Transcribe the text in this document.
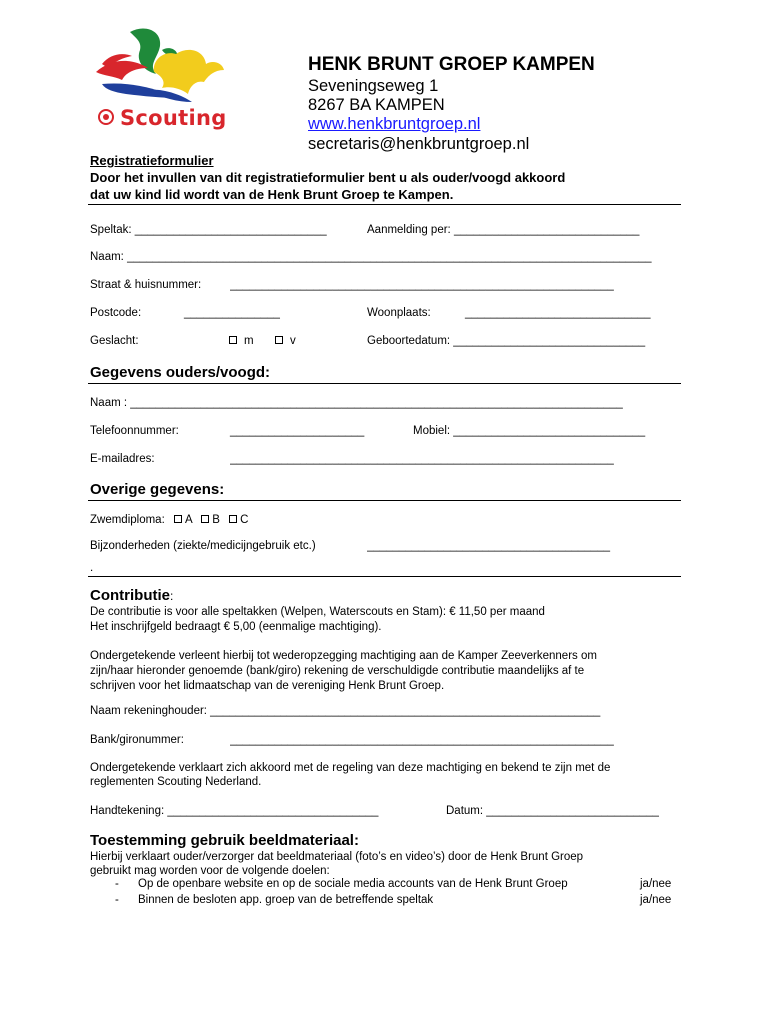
Scouting
HENK BRUNT GROEP KAMPEN
Seveningseweg 1
8267 BA KAMPEN
www.henkbruntgroep.nl
secretaris@henkbruntgroep.nl
Registratieformulier
Door het invullen van dit registratieformulier bent u als ouder/voogd akkoord
dat uw kind lid wordt van de Henk Brunt Groep te Kampen.
Speltak: ______________________________	Aanmelding per: _____________________________
Naam: __________________________________________________________________________________
Straat & huisnummer:	____________________________________________________________
Postcode:	_______________	Woonplaats:	_____________________________
Geslacht:	m	v	Geboortedatum: ______________________________
Gegevens ouders/voogd:
Naam : _____________________________________________________________________________
Telefoonnummer:	_____________________	Mobiel: ______________________________
E-mailadres:	____________________________________________________________
Overige gegevens:
Zwemdiploma: A B C
Bijzonderheden (ziekte/medicijngebruik etc.)	______________________________________
.
Contributie:
De contributie is voor alle speltakken (Welpen, Waterscouts en Stam): € 11,50 per maand
Het inschrijfgeld bedraagt € 5,00 (eenmalige machtiging).
Ondergetekende verleent hierbij tot wederopzegging machtiging aan de Kamper Zeeverkenners om
zijn/haar hieronder genoemde (bank/giro) rekening de verschuldigde contributie maandelijks af te
schrijven voor het lidmaatschap van de vereniging Henk Brunt Groep.
Naam rekeninghouder: _____________________________________________________________
Bank/gironummer:	____________________________________________________________
Ondergetekende verklaart zich akkoord met de regeling van deze machtiging en bekend te zijn met de
reglementen Scouting Nederland.
Handtekening: _________________________________	Datum: ___________________________
Toestemming gebruik beeldmateriaal:
Hierbij verklaart ouder/verzorger dat beeldmateriaal (foto’s en video’s) door de Henk Brunt Groep
gebruikt mag worden voor de volgende doelen:
- Op de openbare website en op de sociale media accounts van de Henk Brunt Groep	ja/nee
- Binnen de besloten app. groep van de betreffende speltak	ja/nee
